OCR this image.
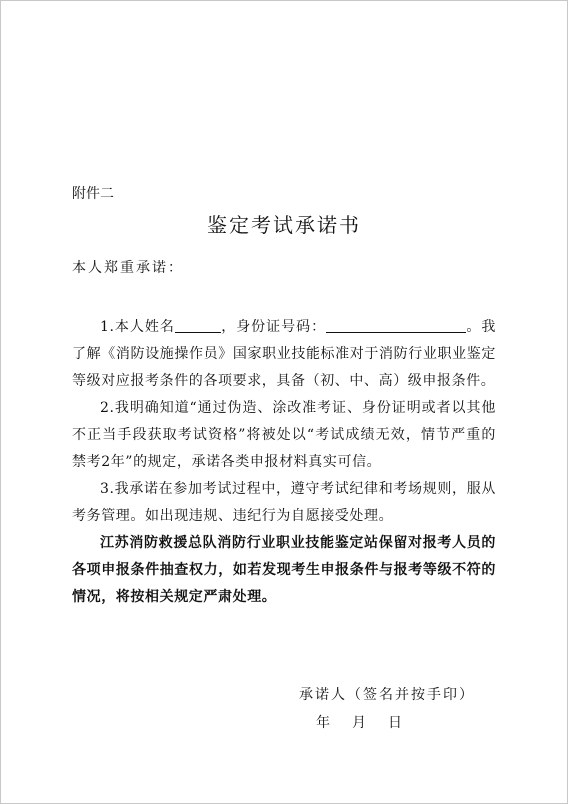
附件二
鉴定考试承诺书
本人郑重承诺：

1.本人姓名	，身份证号码：	。我了解《消防设施操作员》国家职业技能标准对于消防行业职业鉴定等级对应报考条件的各项要求，具备（初、中、高）级申报条件。

2.我明确知道“通过伪造、涂改准考证、身份证明或者以其他不正当手段获取考试资格”将被处以“考试成绩无效，情节严重的禁考2年”的规定，承诺各类申报材料真实可信。

3.我承诺在参加考试过程中，遵守考试纪律和考场规则，服从考务管理。如出现违规、违纪行为自愿接受处理。

江苏消防救援总队消防行业职业技能鉴定站保留对报考人员的各项申报条件抽查权力，如若发现考生申报条件与报考等级不符的情况，将按相关规定严肃处理。

承诺人（签名并按手印）
年 月 日
